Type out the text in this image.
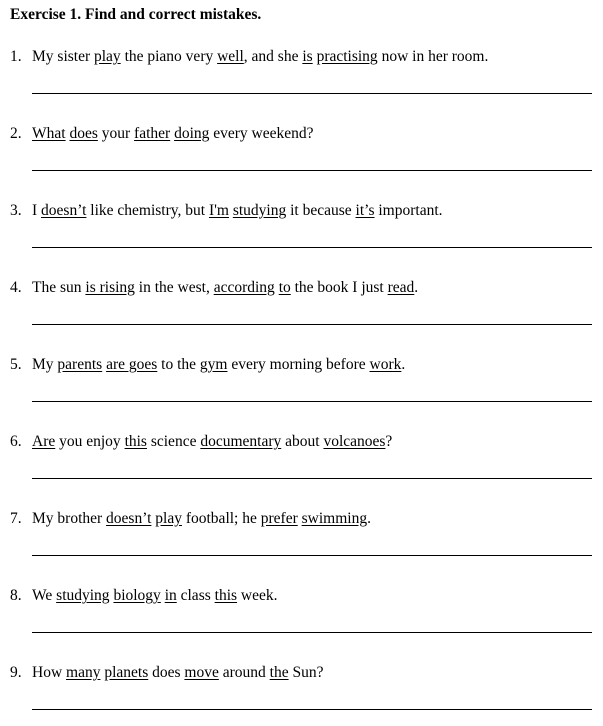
Exercise 1. Find and correct mistakes.
1. My sister play the piano very well, and she is practising now in her room.
2. What does your father doing every weekend?
3. I doesn’t like chemistry, but I'm studying it because it’s important.
4. The sun is rising in the west, according to the book I just read.
5. My parents are goes to the gym every morning before work.
6. Are you enjoy this science documentary about volcanoes?
7. My brother doesn’t play football; he prefer swimming.
8. We studying biology in class this week.
9. How many planets does move around the Sun?
